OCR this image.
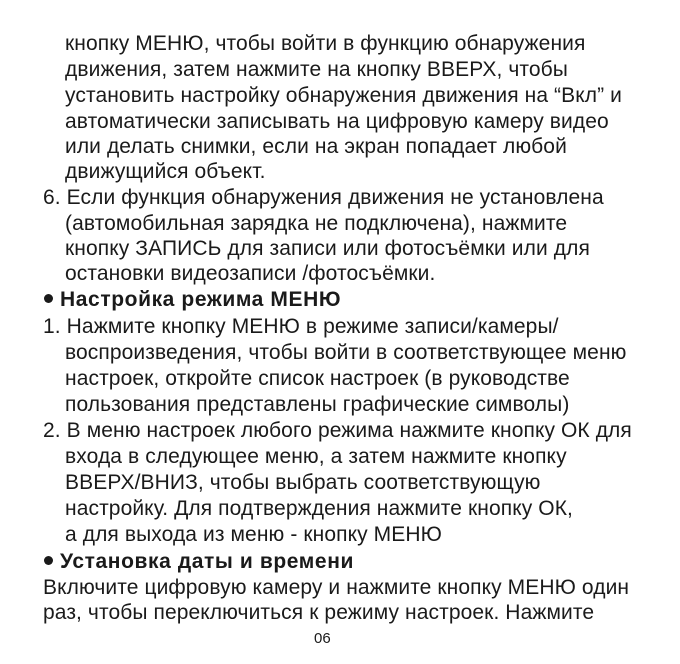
кнопку МЕНЮ, чтобы войти в функцию обнаружения
движения, затем нажмите на кнопку ВВЕРХ, чтобы
установить настройку обнаружения движения на “Вкл” и
автоматически записывать на цифровую камеру видео
или делать снимки, если на экран попадает любой
движущийся объект.
6. Если функция обнаружения движения не установлена
(автомобильная зарядка не подключена), нажмите
кнопку ЗАПИСЬ для записи или фотосъёмки или для
остановки видеозаписи /фотосъёмки.
Настройка режима МЕНЮ
1. Нажмите кнопку МЕНЮ в режиме записи/камеры/
воспроизведения, чтобы войти в соответствующее меню
настроек, откройте список настроек (в руководстве
пользования представлены графические символы)
2. В меню настроек любого режима нажмите кнопку ОК для
входа в следующее меню, а затем нажмите кнопку
ВВЕРХ/ВНИЗ, чтобы выбрать соответствующую
настройку. Для подтверждения нажмите кнопку ОК,
а для выхода из меню - кнопку МЕНЮ
Установка даты и времени
Включите цифровую камеру и нажмите кнопку МЕНЮ один
раз, чтобы переключиться к режиму настроек. Нажмите
06
